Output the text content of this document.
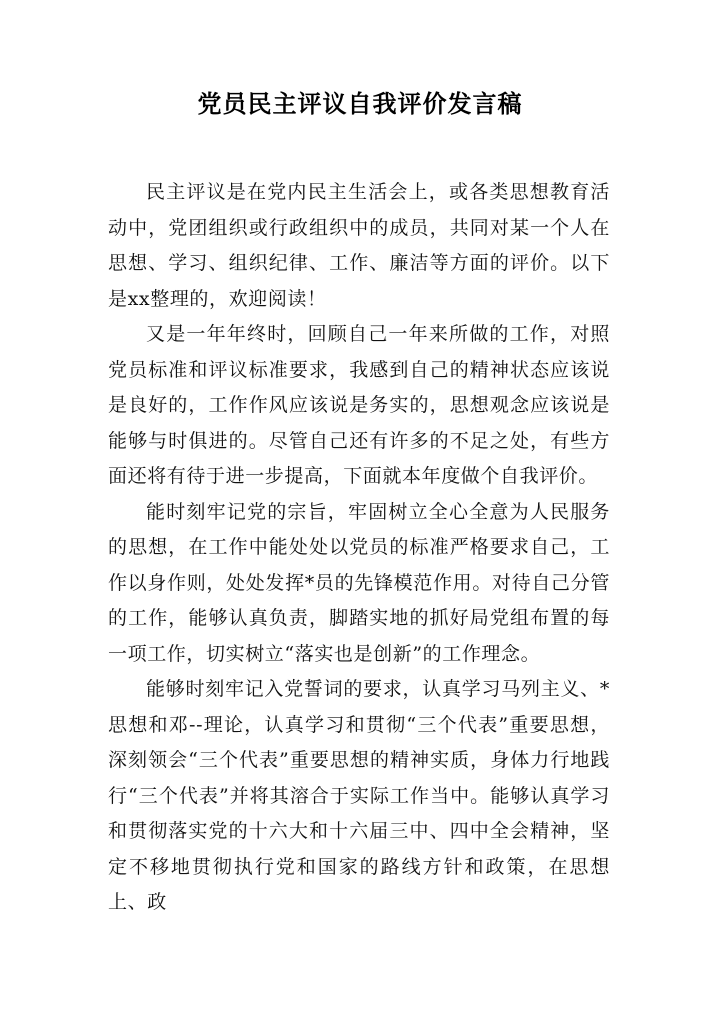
党员民主评议自我评价发言稿

民主评议是在党内民主生活会上，或各类思想教育活动中，党团组织或行政组织中的成员，共同对某一个人在思想、学习、组织纪律、工作、廉洁等方面的评价。以下是xx整理的，欢迎阅读！

又是一年年终时，回顾自己一年来所做的工作，对照党员标准和评议标准要求，我感到自己的精神状态应该说是良好的，工作作风应该说是务实的，思想观念应该说是能够与时俱进的。尽管自己还有许多的不足之处，有些方面还将有待于进一步提高，下面就本年度做个自我评价。

能时刻牢记党的宗旨，牢固树立全心全意为人民服务的思想，在工作中能处处以党员的标准严格要求自己，工作以身作则，处处发挥*员的先锋模范作用。对待自己分管的工作，能够认真负责，脚踏实地的抓好局党组布置的每一项工作，切实树立“落实也是创新”的工作理念。

能够时刻牢记入党誓词的要求，认真学习马列主义、*思想和邓--理论，认真学习和贯彻“三个代表”重要思想，深刻领会“三个代表”重要思想的精神实质，身体力行地践行“三个代表”并将其溶合于实际工作当中。能够认真学习和贯彻落实党的十六大和十六届三中、四中全会精神，坚定不移地贯彻执行党和国家的路线方针和政策，在思想上、政
